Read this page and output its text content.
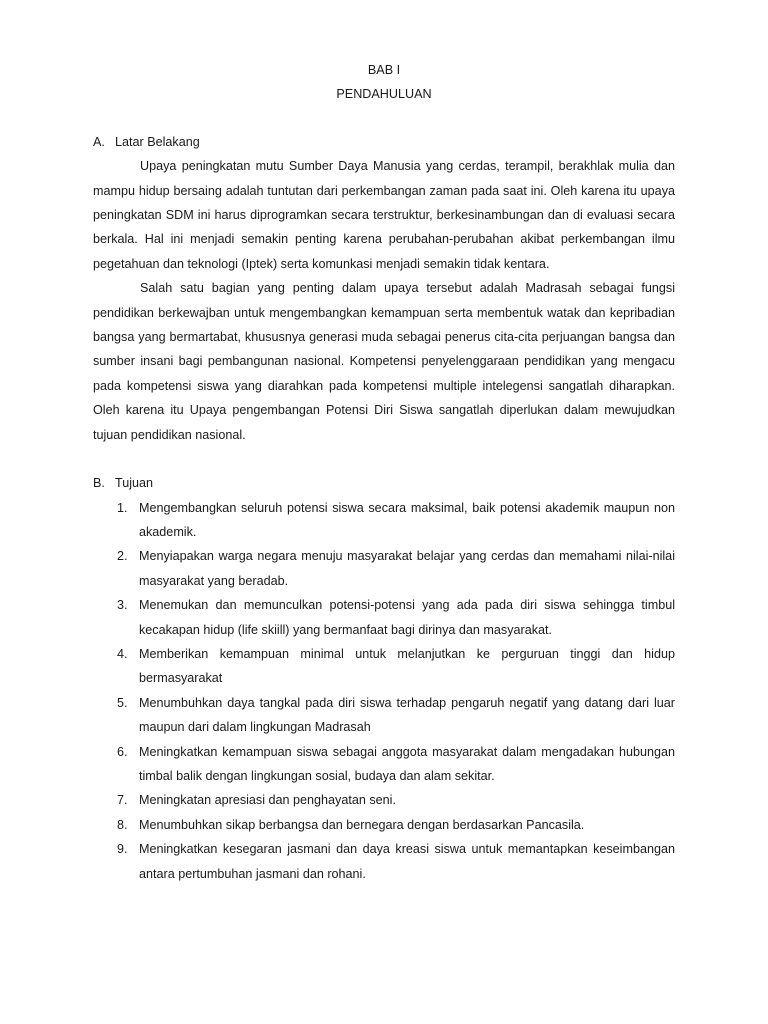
BAB I

PENDAHULUAN

A. Latar Belakang

Upaya peningkatan mutu Sumber Daya Manusia yang cerdas, terampil, berakhlak mulia dan mampu hidup bersaing adalah tuntutan dari perkembangan zaman pada saat ini. Oleh karena itu upaya peningkatan SDM ini harus diprogramkan secara terstruktur, berkesinambungan dan di evaluasi secara berkala. Hal ini menjadi semakin penting karena perubahan-perubahan akibat perkembangan ilmu pegetahuan dan teknologi (Iptek) serta komunkasi menjadi semakin tidak kentara.

Salah satu bagian yang penting dalam upaya tersebut adalah Madrasah sebagai fungsi pendidikan berkewajban untuk mengembangkan kemampuan serta membentuk watak dan kepribadian bangsa yang bermartabat, khususnya generasi muda sebagai penerus cita-cita perjuangan bangsa dan sumber insani bagi pembangunan nasional. Kompetensi penyelenggaraan pendidikan yang mengacu pada kompetensi siswa yang diarahkan pada kompetensi multiple intelegensi sangatlah diharapkan. Oleh karena itu Upaya pengembangan Potensi Diri Siswa sangatlah diperlukan dalam mewujudkan tujuan pendidikan nasional.

B. Tujuan
1. Mengembangkan seluruh potensi siswa secara maksimal, baik potensi akademik maupun non akademik.
2. Menyiapakan warga negara menuju masyarakat belajar yang cerdas dan memahami nilai-nilai masyarakat yang beradab.
3. Menemukan dan memunculkan potensi-potensi yang ada pada diri siswa sehingga timbul kecakapan hidup (life skiill) yang bermanfaat bagi dirinya dan masyarakat.
4. Memberikan kemampuan minimal untuk melanjutkan ke perguruan tinggi dan hidup bermasyarakat
5. Menumbuhkan daya tangkal pada diri siswa terhadap pengaruh negatif yang datang dari luar maupun dari dalam lingkungan Madrasah
6. Meningkatkan kemampuan siswa sebagai anggota masyarakat dalam mengadakan hubungan timbal balik dengan lingkungan sosial, budaya dan alam sekitar.
7. Meningkatan apresiasi dan penghayatan seni.
8. Menumbuhkan sikap berbangsa dan bernegara dengan berdasarkan Pancasila.
9. Meningkatkan kesegaran jasmani dan daya kreasi siswa untuk memantapkan keseimbangan antara pertumbuhan jasmani dan rohani.
